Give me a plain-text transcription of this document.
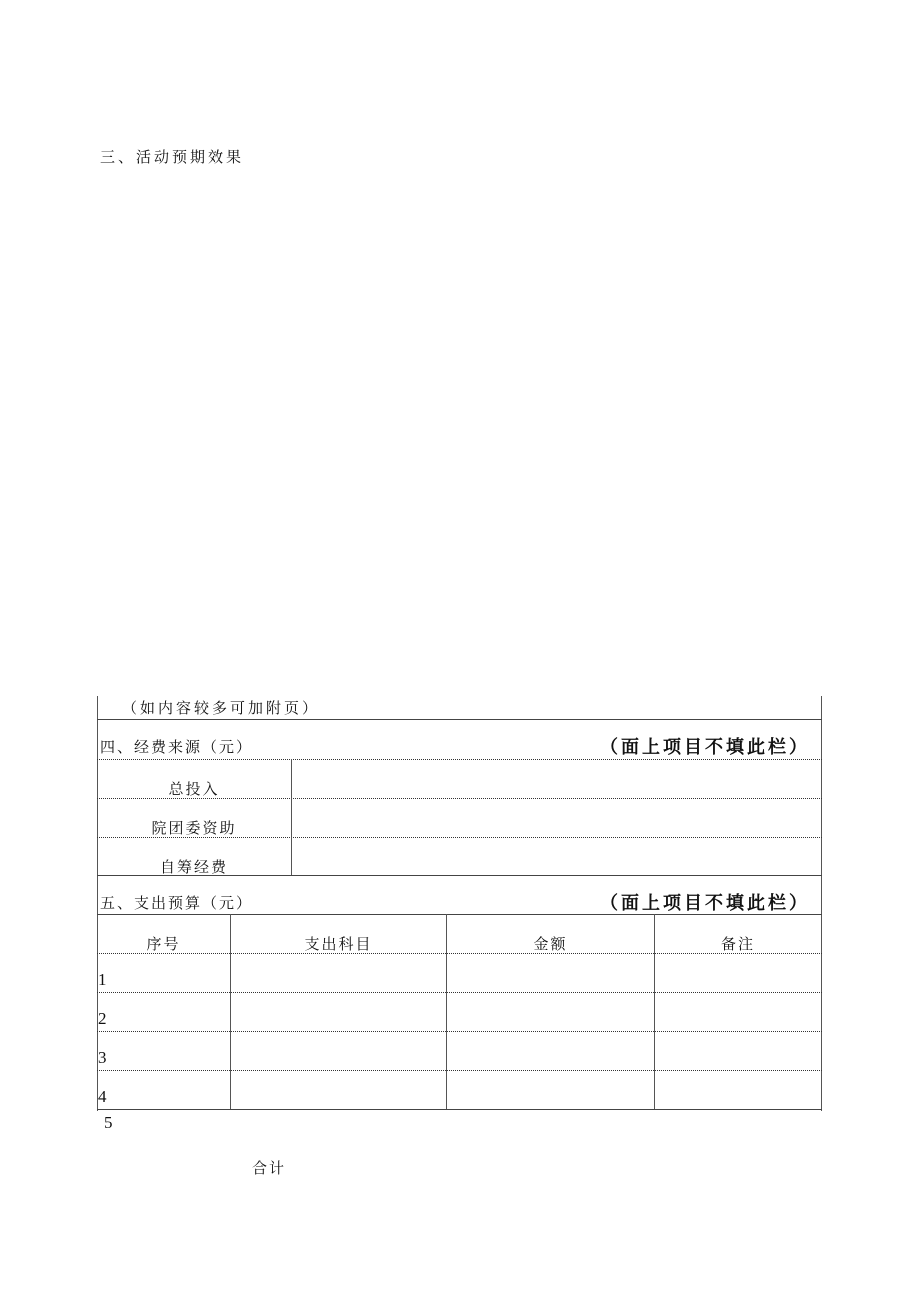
三、活动预期效果
（如内容较多可加附页）
四、经费来源（元）	（面上项目不填此栏）
总投入
院团委资助
自筹经费
五、支出预算（元）	（面上项目不填此栏）
序号	支出科目	金额	备注
1
2
3
4
5
合计
